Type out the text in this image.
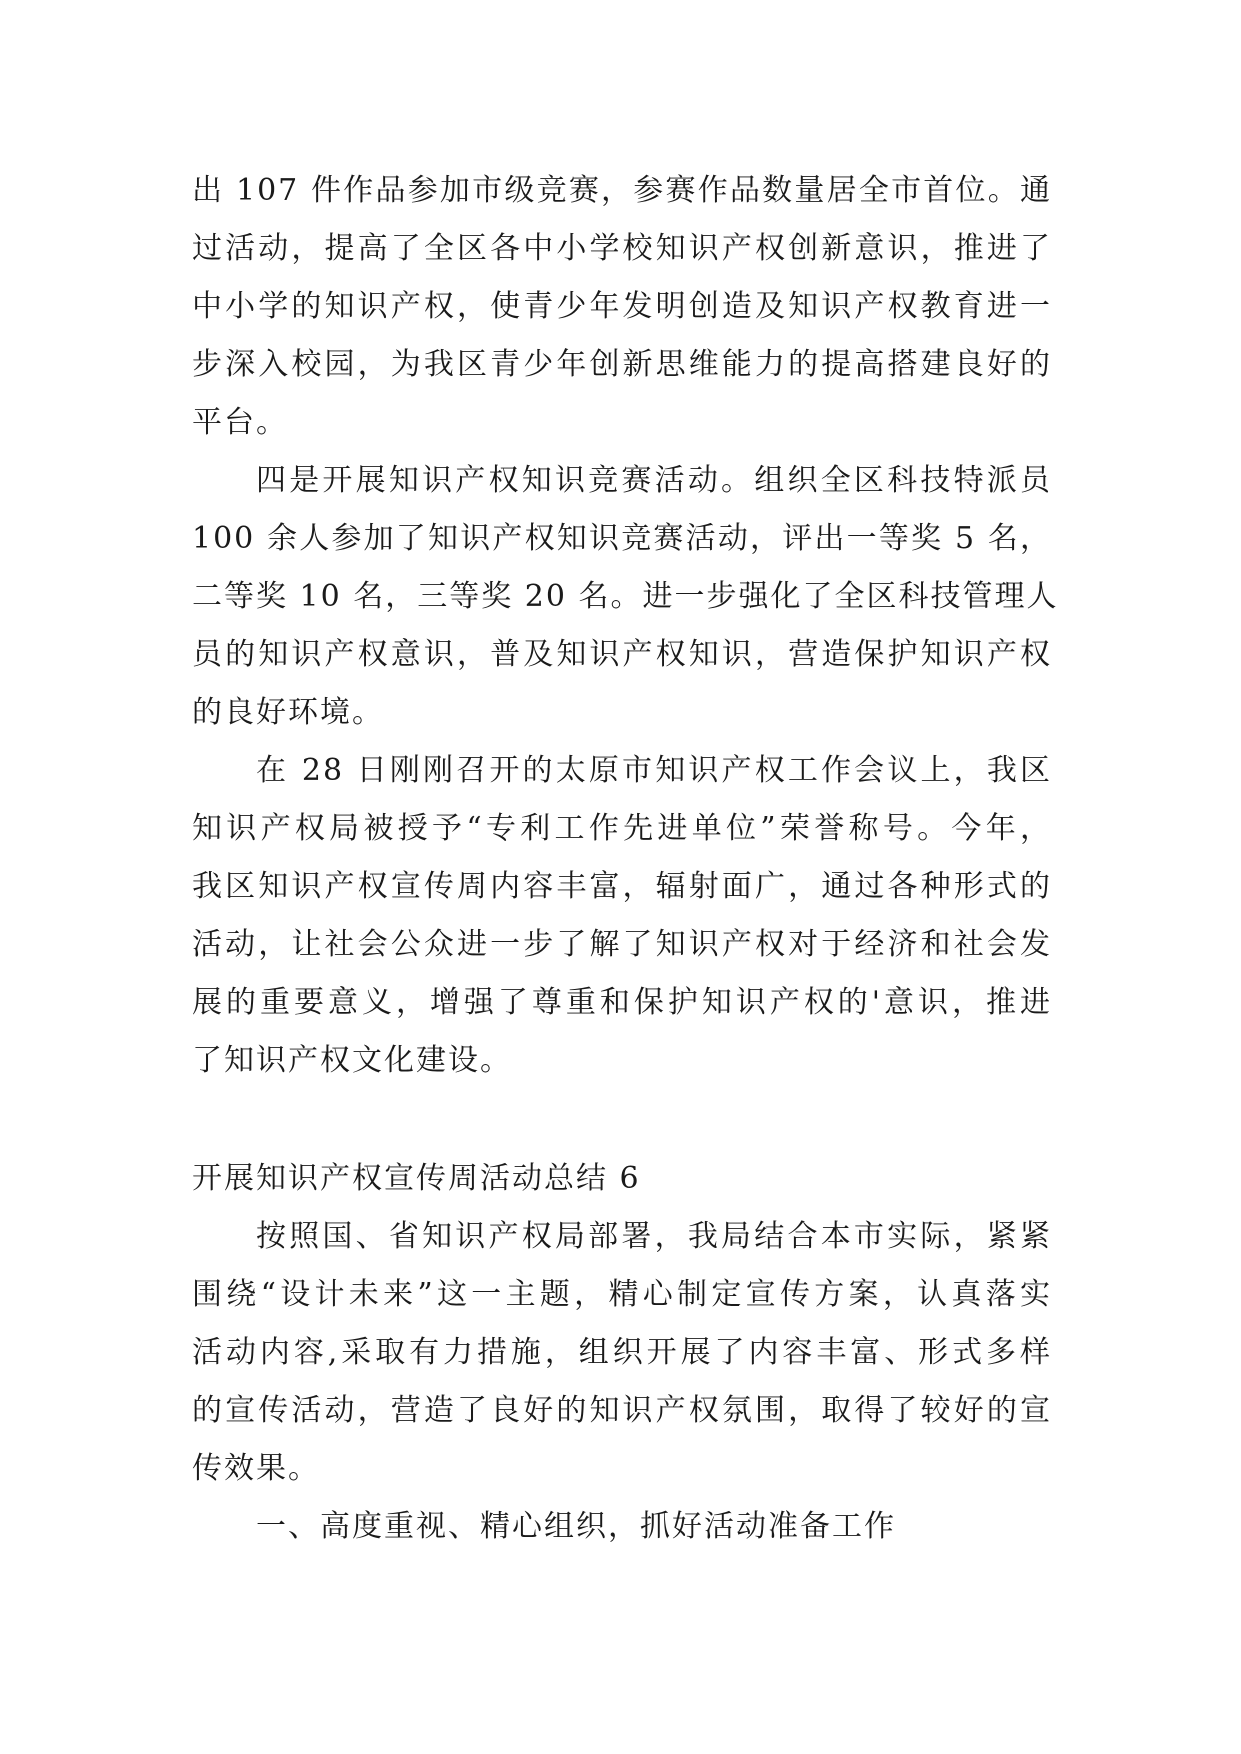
出 107 件作品参加市级竞赛，参赛作品数量居全市首位。通
过活动，提高了全区各中小学校知识产权创新意识，推进了
中小学的知识产权，使青少年发明创造及知识产权教育进一
步深入校园，为我区青少年创新思维能力的提高搭建良好的
平台。
四是开展知识产权知识竞赛活动。组织全区科技特派员
100 余人参加了知识产权知识竞赛活动，评出一等奖 5 名，
二等奖 10 名，三等奖 20 名。进一步强化了全区科技管理人
员的知识产权意识，普及知识产权知识，营造保护知识产权
的良好环境。
在 28 日刚刚召开的太原市知识产权工作会议上，我区
知识产权局被授予“专利工作先进单位”荣誉称号。今年，
我区知识产权宣传周内容丰富，辐射面广，通过各种形式的
活动，让社会公众进一步了解了知识产权对于经济和社会发
展的重要意义，增强了尊重和保护知识产权的'意识，推进
了知识产权文化建设。
开展知识产权宣传周活动总结 6
按照国、省知识产权局部署，我局结合本市实际，紧紧
围绕“设计未来”这一主题，精心制定宣传方案，认真落实
活动内容,采取有力措施，组织开展了内容丰富、形式多样
的宣传活动，营造了良好的知识产权氛围，取得了较好的宣
传效果。
一、高度重视、精心组织，抓好活动准备工作
